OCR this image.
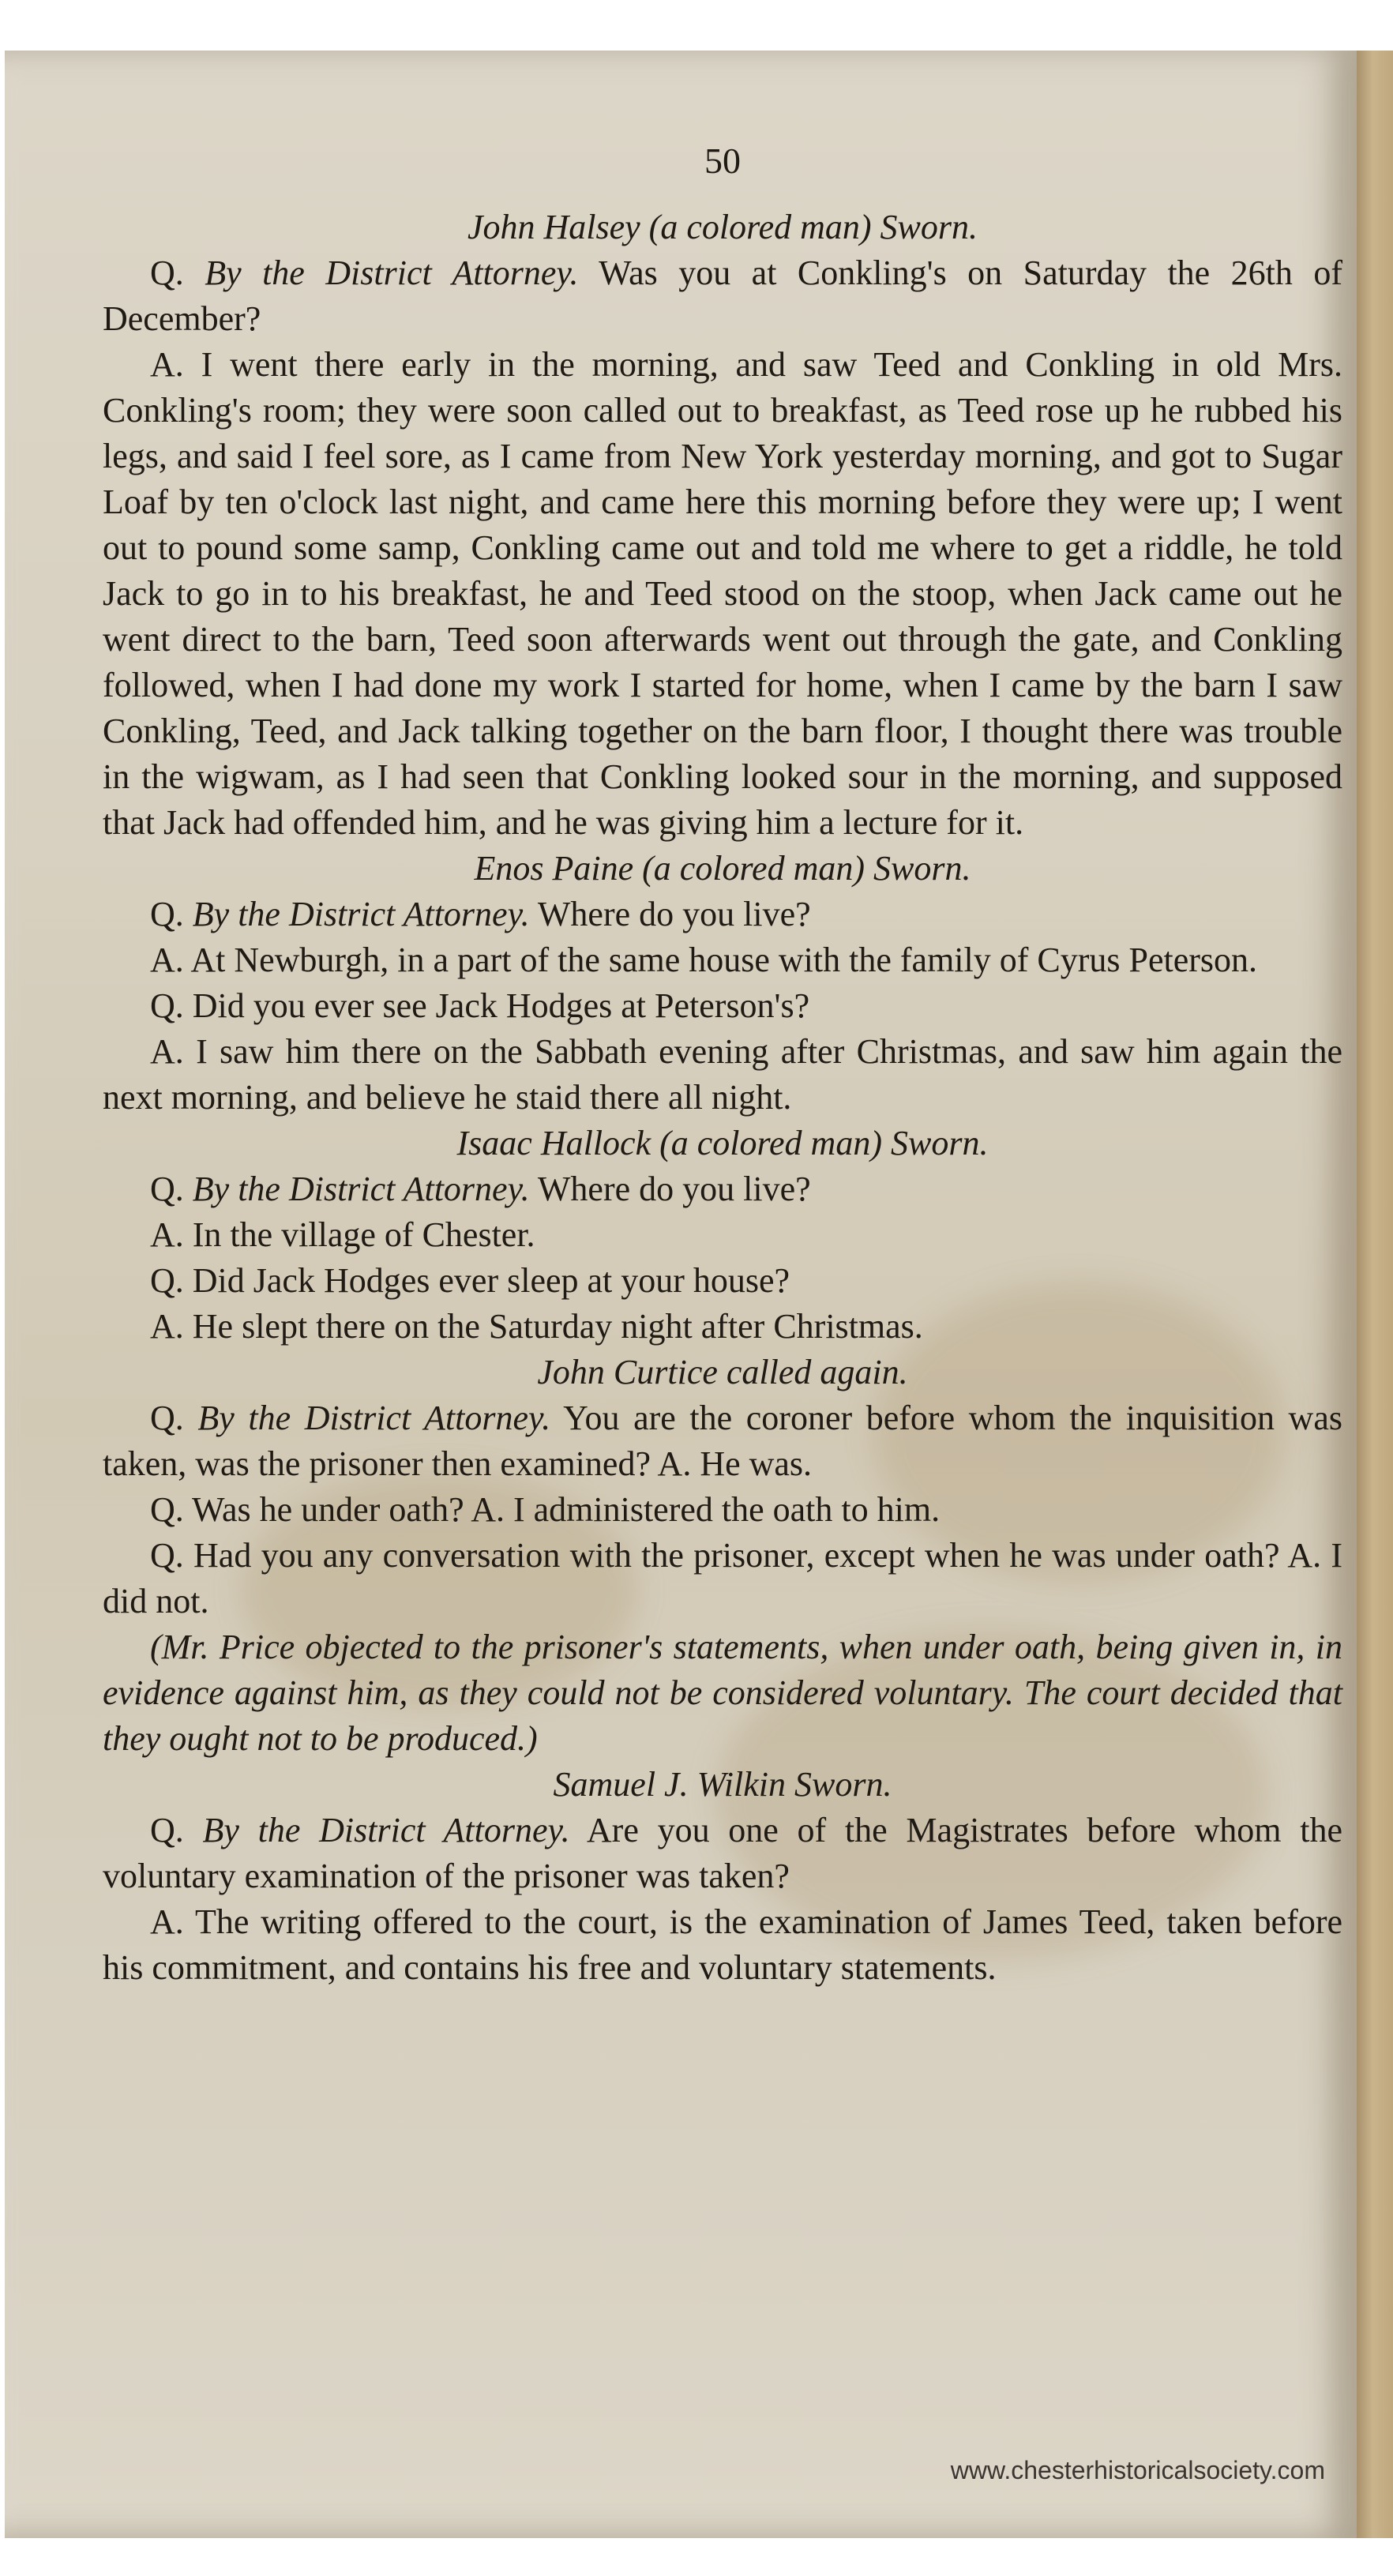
50
John Halsey (a colored man) Sworn.

Q. By the District Attorney. Was you at Conkling's on Saturday the 26th of December?

A. I went there early in the morning, and saw Teed and Conkling in old Mrs. Conkling's room; they were soon called out to breakfast, as Teed rose up he rubbed his legs, and said I feel sore, as I came from New York yesterday morning, and got to Sugar Loaf by ten o'clock last night, and came here this morning before they were up; I went out to pound some samp, Conkling came out and told me where to get a riddle, he told Jack to go in to his breakfast, he and Teed stood on the stoop, when Jack came out he went direct to the barn, Teed soon afterwards went out through the gate, and Conkling followed, when I had done my work I started for home, when I came by the barn I saw Conkling, Teed, and Jack talking together on the barn floor, I thought there was trouble in the wigwam, as I had seen that Conkling looked sour in the morning, and supposed that Jack had offended him, and he was giving him a lecture for it.

Enos Paine (a colored man) Sworn.

Q. By the District Attorney. Where do you live?

A. At Newburgh, in a part of the same house with the family of Cyrus Peterson.

Q. Did you ever see Jack Hodges at Peterson's?

A. I saw him there on the Sabbath evening after Christmas, and saw him again the next morning, and believe he staid there all night.

Isaac Hallock (a colored man) Sworn.

Q. By the District Attorney. Where do you live?

A. In the village of Chester.

Q. Did Jack Hodges ever sleep at your house?

A. He slept there on the Saturday night after Christmas.

John Curtice called again.

Q. By the District Attorney. You are the coroner before whom the inquisition was taken, was the prisoner then examined? A. He was.

Q. Was he under oath? A. I administered the oath to him.

Q. Had you any conversation with the prisoner, except when he was under oath? A. I did not.

(Mr. Price objected to the prisoner's statements, when under oath, being given in, in evidence against him, as they could not be considered voluntary. The court decided that they ought not to be produced.)

Samuel J. Wilkin Sworn.

Q. By the District Attorney. Are you one of the Magistrates before whom the voluntary examination of the prisoner was taken?

A. The writing offered to the court, is the examination of James Teed, taken before his commitment, and contains his free and voluntary statements.

www.chesterhistoricalsociety.com
